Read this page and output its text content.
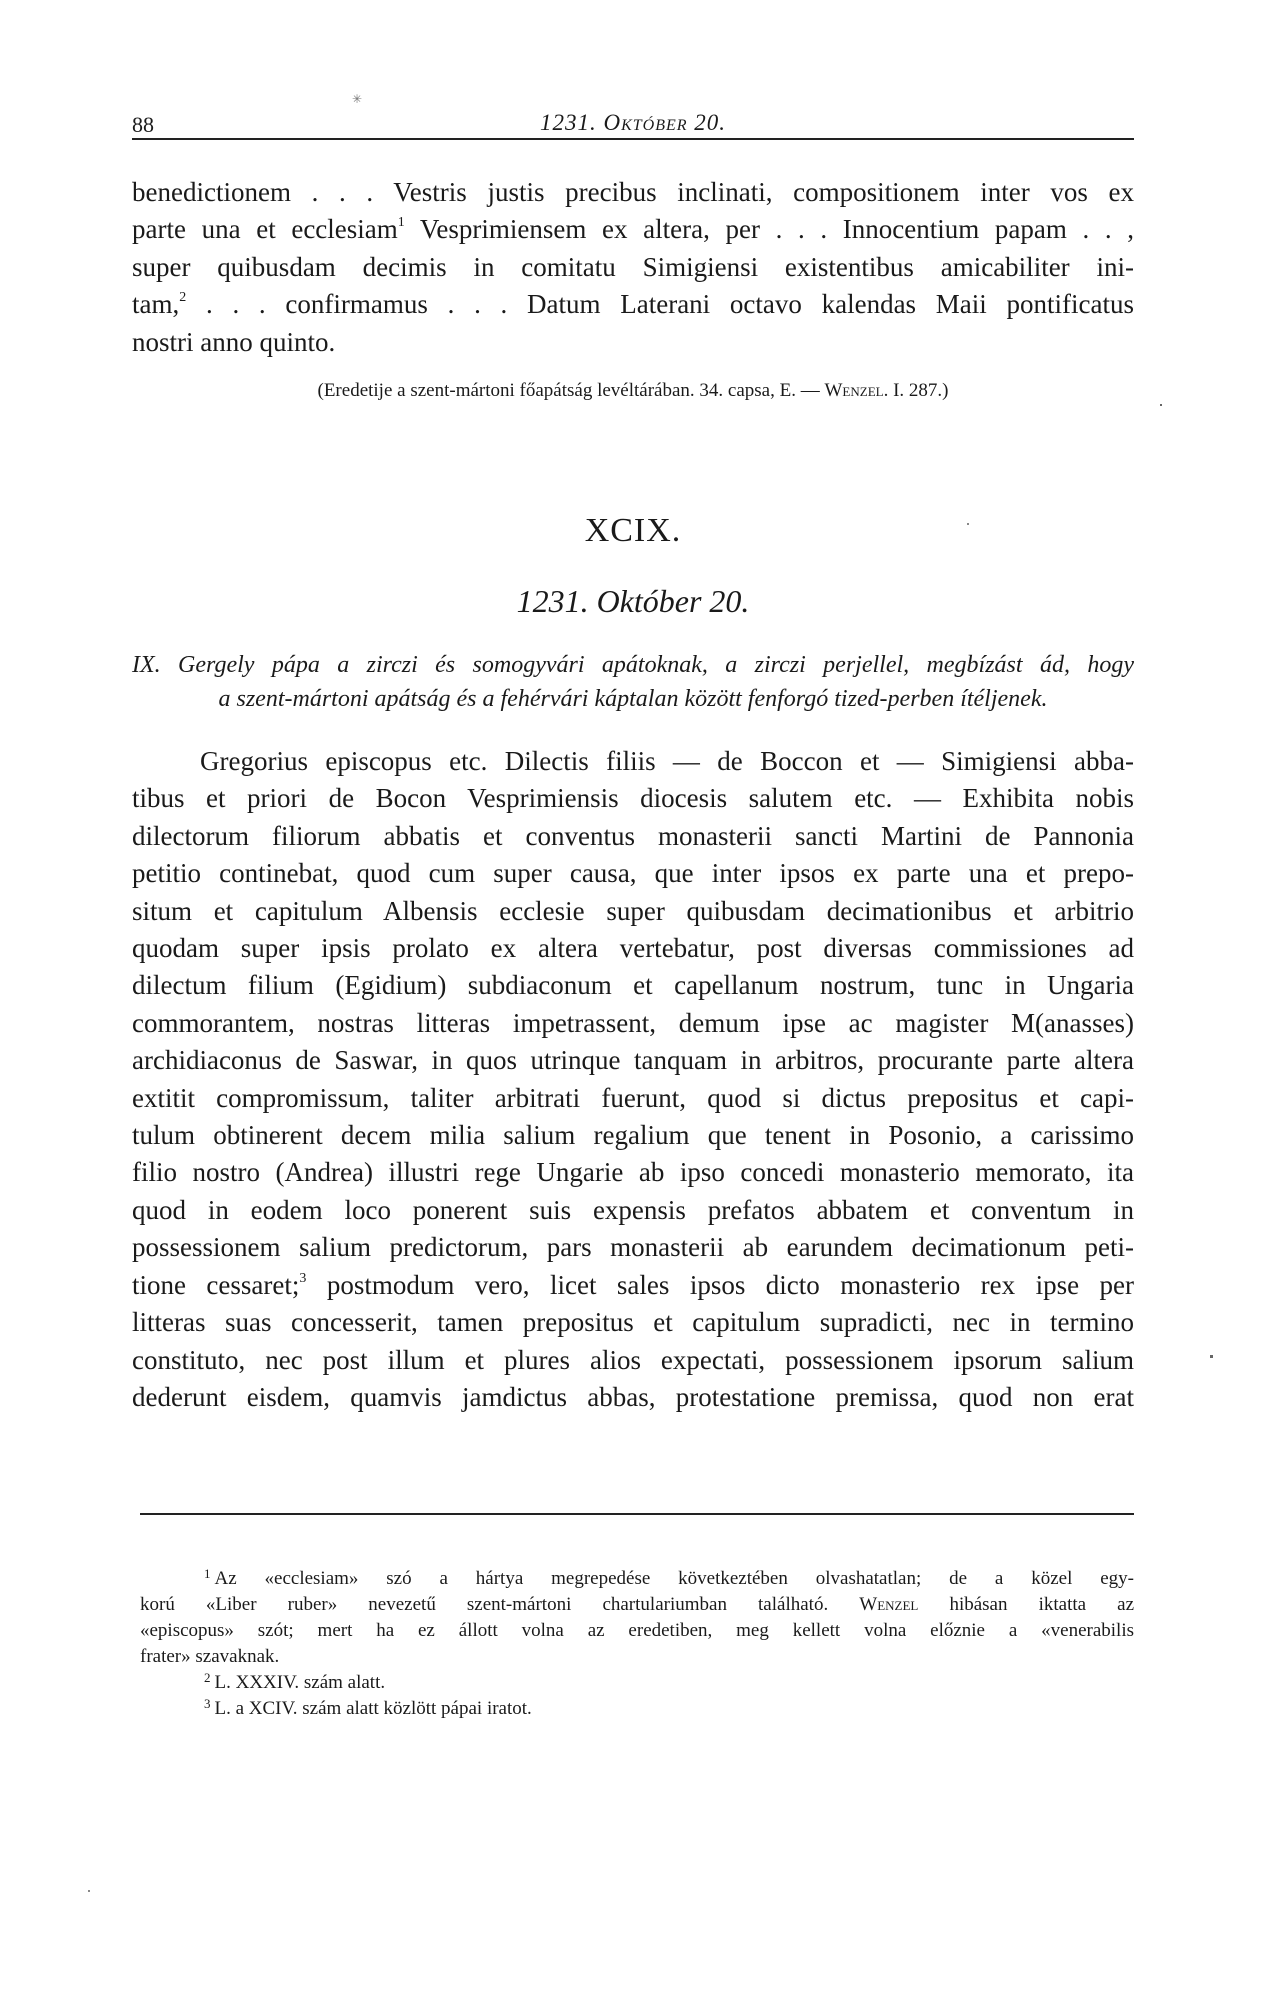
✳
88	1231. Október 20.
benedictionem . . . Vestris justis precibus inclinati, compositionem inter vos ex
parte una et ecclesiam$^1$ Vesprimiensem ex altera, per . . . Innocentium papam . . ,
super quibusdam decimis in comitatu Simigiensi existentibus amicabiliter ini-
tam,$^2$ . . . confirmamus . . . Datum Laterani octavo kalendas Maii pontificatus
nostri anno quinto.
(Eredetije a szent-mártoni főapátság levéltárában. 34. capsa, E. — Wenzel. I. 287.)
XCIX.
1231. Október 20.
IX. Gergely pápa a zirczi és somogyvári apátoknak, a zirczi perjellel, megbízást ád, hogy
a szent-mártoni apátság és a fehérvári káptalan között fenforgó tized-perben ítéljenek.
Gregorius episcopus etc. Dilectis filiis — de Boccon et — Simigiensi abba-
tibus et priori de Bocon Vesprimiensis diocesis salutem etc. — Exhibita nobis
dilectorum filiorum abbatis et conventus monasterii sancti Martini de Pannonia
petitio continebat, quod cum super causa, que inter ipsos ex parte una et prepo-
situm et capitulum Albensis ecclesie super quibusdam decimationibus et arbitrio
quodam super ipsis prolato ex altera vertebatur, post diversas commissiones ad
dilectum filium (Egidium) subdiaconum et capellanum nostrum, tunc in Ungaria
commorantem, nostras litteras impetrassent, demum ipse ac magister M(anasses)
archidiaconus de Saswar, in quos utrinque tanquam in arbitros, procurante parte altera
extitit compromissum, taliter arbitrati fuerunt, quod si dictus prepositus et capi-
tulum obtinerent decem milia salium regalium que tenent in Posonio, a carissimo
filio nostro (Andrea) illustri rege Ungarie ab ipso concedi monasterio memorato, ita
quod in eodem loco ponerent suis expensis prefatos abbatem et conventum in
possessionem salium predictorum, pars monasterii ab earundem decimationum peti-
tione cessaret;$^3$ postmodum vero, licet sales ipsos dicto monasterio rex ipse per
litteras suas concesserit, tamen prepositus et capitulum supradicti, nec in termino
constituto, nec post illum et plures alios expectati, possessionem ipsorum salium
dederunt eisdem, quamvis jamdictus abbas, protestatione premissa, quod non erat
$^1$ Az «ecclesiam» szó a hártya megrepedése következtében olvashatatlan; de a közel egy-
korú «Liber ruber» nevezetű szent-mártoni chartulariumban található. Wenzel hibásan iktatta az
«episcopus» szót; mert ha ez állott volna az eredetiben, meg kellett volna előznie a «venerabilis
frater» szavaknak.
$^2$ L. XXXIV. szám alatt.
$^3$ L. a XCIV. szám alatt közlött pápai iratot.
